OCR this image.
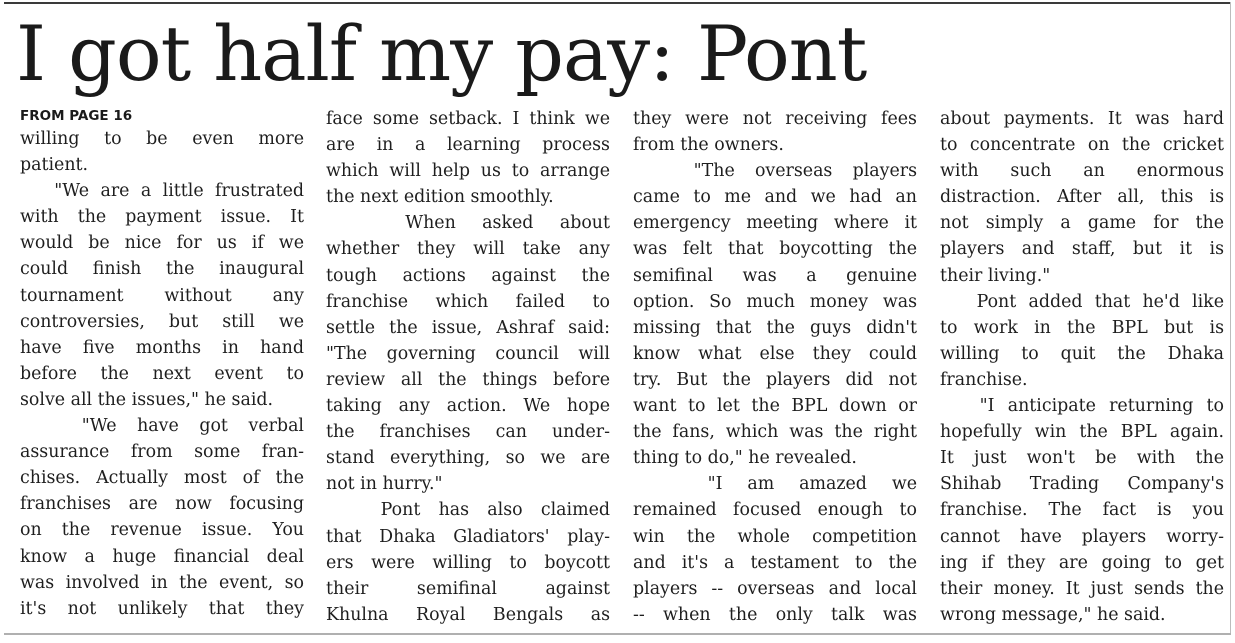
I got half my pay: Pont
FROM PAGE 16
willing to be even more
patient.
"We are a little frustrated
with the payment issue. It
would be nice for us if we
could finish the inaugural
tournament without any
controversies, but still we
have five months in hand
before the next event to
solve all the issues," he said.
"We have got verbal
assurance from some fran-
chises. Actually most of the
franchises are now focusing
on the revenue issue. You
know a huge financial deal
was involved in the event, so
it's not unlikely that they
face some setback. I think we
are in a learning process
which will help us to arrange
the next edition smoothly.
When asked about
whether they will take any
tough actions against the
franchise which failed to
settle the issue, Ashraf said:
"The governing council will
review all the things before
taking any action. We hope
the franchises can under-
stand everything, so we are
not in hurry."
Pont has also claimed
that Dhaka Gladiators' play-
ers were willing to boycott
their semifinal against
Khulna Royal Bengals as
they were not receiving fees
from the owners.
"The overseas players
came to me and we had an
emergency meeting where it
was felt that boycotting the
semifinal was a genuine
option. So much money was
missing that the guys didn't
know what else they could
try. But the players did not
want to let the BPL down or
the fans, which was the right
thing to do," he revealed.
"I am amazed we
remained focused enough to
win the whole competition
and it's a testament to the
players -- overseas and local
-- when the only talk was
about payments. It was hard
to concentrate on the cricket
with such an enormous
distraction. After all, this is
not simply a game for the
players and staff, but it is
their living."
Pont added that he'd like
to work in the BPL but is
willing to quit the Dhaka
franchise.
"I anticipate returning to
hopefully win the BPL again.
It just won't be with the
Shihab Trading Company's
franchise. The fact is you
cannot have players worry-
ing if they are going to get
their money. It just sends the
wrong message," he said.
